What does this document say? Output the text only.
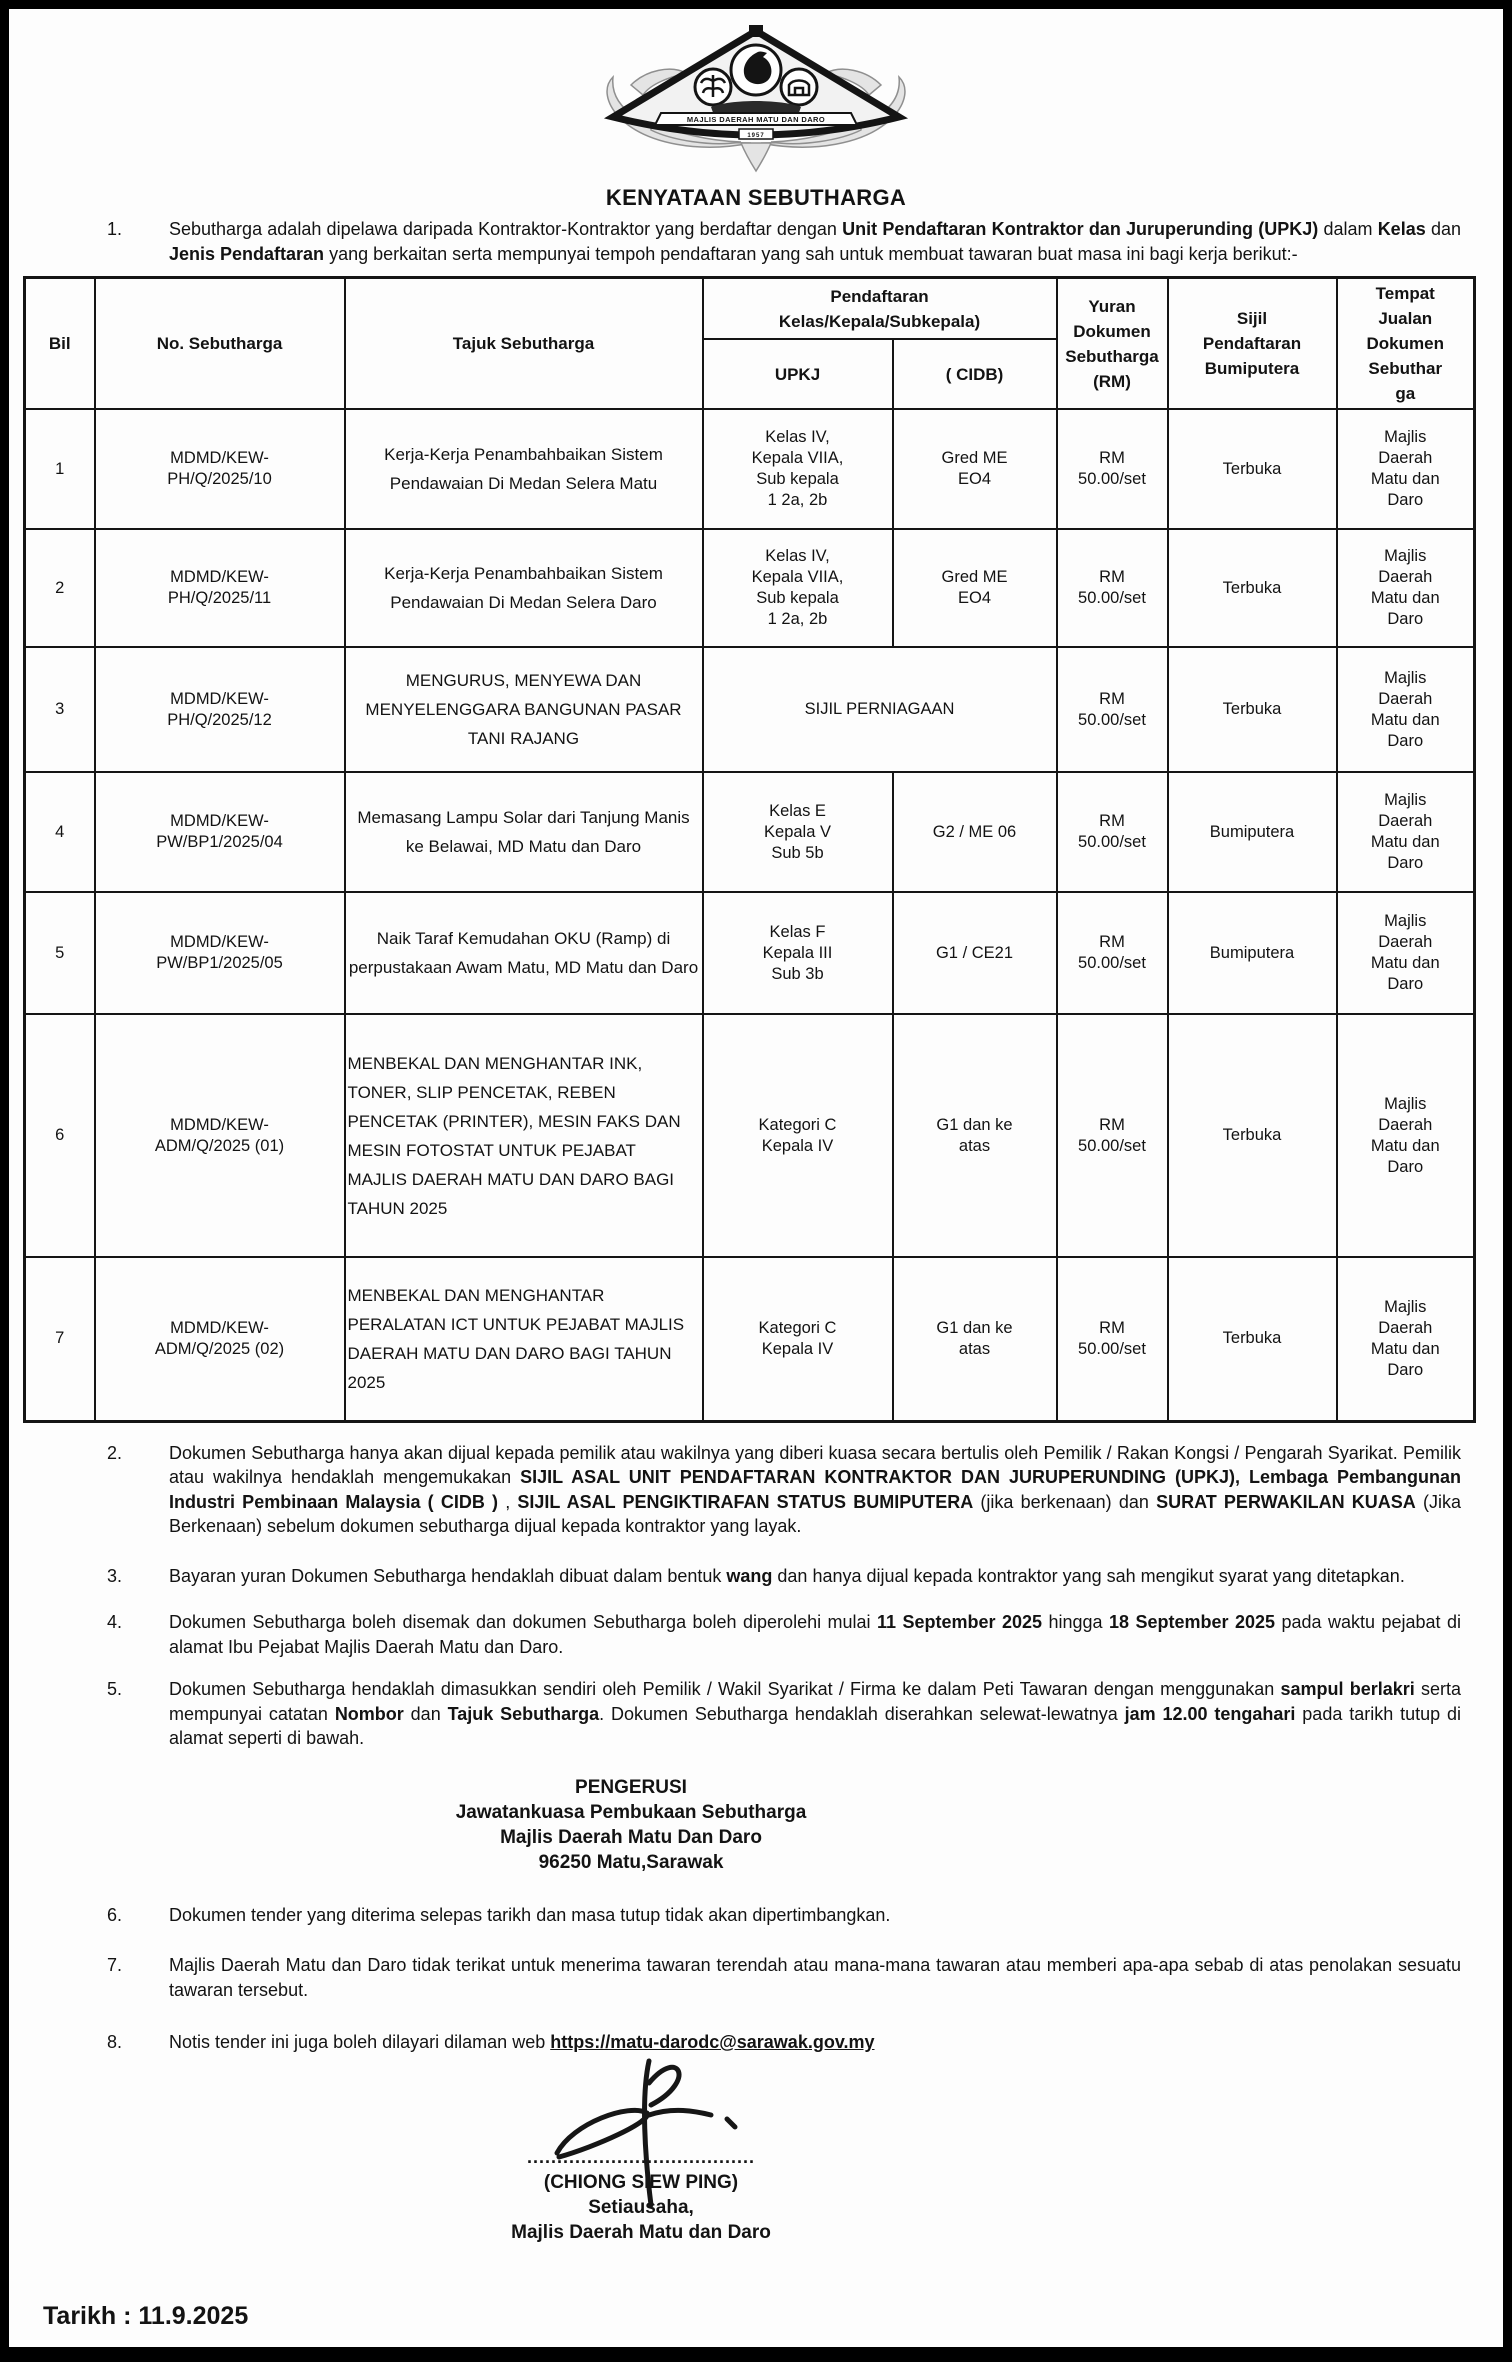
MAJLIS DAERAH MATU DAN DARO
1957
KENYATAAN SEBUTHARGA
1.	Sebutharga adalah dipelawa daripada Kontraktor-Kontraktor yang berdaftar dengan Unit Pendaftaran Kontraktor dan Juruperunding (UPKJ) dalam Kelas dan Jenis Pendaftaran yang berkaitan serta mempunyai tempoh pendaftaran yang sah untuk membuat tawaran buat masa ini bagi kerja berikut:-
Bil	No. Sebutharga	Tajuk Sebutharga	Pendaftaran Kelas/Kepala/Subkepala)		Yuran Dokumen Sebutharga (RM)	Sijil Pendaftaran Bumiputera	Tempat Jualan Dokumen Sebutharga

			UPKJ	( CIDB)			
1	MDMD/KEW-PH/Q/2025/10	Kerja-Kerja Penambahbaikan Sistem Pendawaian Di Medan Selera Matu	Kelas IV, Kepala VIIA, Sub kepala 1 2a, 2b	Gred ME EO4	RM 50.00/set	Terbuka	Majlis Daerah Matu dan Daro

2	MDMD/KEW-PH/Q/2025/11	Kerja-Kerja Penambahbaikan Sistem Pendawaian Di Medan Selera Daro	Kelas IV, Kepala VIIA, Sub kepala 1 2a, 2b	Gred ME EO4	RM 50.00/set	Terbuka	Majlis Daerah Matu dan Daro

3	MDMD/KEW-PH/Q/2025/12	MENGURUS, MENYEWA DAN MENYELENGGARA BANGUNAN PASAR TANI RAJANG	SIJIL PERNIAGAAN		RM 50.00/set	Terbuka	Majlis Daerah Matu dan Daro

4	MDMD/KEW-PW/BP1/2025/04	Memasang Lampu Solar dari Tanjung Manis ke Belawai, MD Matu dan Daro	Kelas E Kepala V Sub 5b	G2 / ME 06	RM 50.00/set	Bumiputera	Majlis Daerah Matu dan Daro

5	MDMD/KEW-PW/BP1/2025/05	Naik Taraf Kemudahan OKU (Ramp) di perpustakaan Awam Matu, MD Matu dan Daro	Kelas F Kepala III Sub 3b	G1 / CE21	RM 50.00/set	Bumiputera	Majlis Daerah Matu dan Daro

6	MDMD/KEW-ADM/Q/2025 (01)	MENBEKAL DAN MENGHANTAR INK, TONER, SLIP PENCETAK, REBEN PENCETAK (PRINTER), MESIN FAKS DAN MESIN FOTOSTAT UNTUK PEJABAT MAJLIS DAERAH MATU DAN DARO BAGI TAHUN 2025	Kategori C Kepala IV	G1 dan ke atas	RM 50.00/set	Terbuka	Majlis Daerah Matu dan Daro

7	MDMD/KEW-ADM/Q/2025 (02)	MENBEKAL DAN MENGHANTAR PERALATAN ICT UNTUK PEJABAT MAJLIS DAERAH MATU DAN DARO BAGI TAHUN 2025	Kategori C Kepala IV	G1 dan ke atas	RM 50.00/set	Terbuka	Majlis Daerah Matu dan Daro
2.	Dokumen Sebutharga hanya akan dijual kepada pemilik atau wakilnya yang diberi kuasa secara bertulis oleh Pemilik / Rakan Kongsi / Pengarah Syarikat. Pemilik atau wakilnya hendaklah mengemukakan SIJIL ASAL UNIT PENDAFTARAN KONTRAKTOR DAN JURUPERUNDING (UPKJ), Lembaga Pembangunan Industri Pembinaan Malaysia ( CIDB ) , SIJIL ASAL PENGIKTIRAFAN STATUS BUMIPUTERA (jika berkenaan) dan SURAT PERWAKILAN KUASA (Jika Berkenaan) sebelum dokumen sebutharga dijual kepada kontraktor yang layak.
3.	Bayaran yuran Dokumen Sebutharga hendaklah dibuat dalam bentuk wang dan hanya dijual kepada kontraktor yang sah mengikut syarat yang ditetapkan.
4.	Dokumen Sebutharga boleh disemak dan dokumen Sebutharga boleh diperolehi mulai 11 September 2025 hingga 18 September 2025 pada waktu pejabat di alamat Ibu Pejabat Majlis Daerah Matu dan Daro.
5.	Dokumen Sebutharga hendaklah dimasukkan sendiri oleh Pemilik / Wakil Syarikat / Firma ke dalam Peti Tawaran dengan menggunakan sampul berlakri serta mempunyai catatan Nombor dan Tajuk Sebutharga. Dokumen Sebutharga hendaklah diserahkan selewat-lewatnya jam 12.00 tengahari pada tarikh tutup di alamat seperti di bawah.
PENGERUSI
Jawatankuasa Pembukaan Sebutharga
Majlis Daerah Matu Dan Daro
96250 Matu,Sarawak
6.	Dokumen tender yang diterima selepas tarikh dan masa tutup tidak akan dipertimbangkan.
7.	Majlis Daerah Matu dan Daro tidak terikat untuk menerima tawaran terendah atau mana-mana tawaran atau memberi apa-apa sebab di atas penolakan sesuatu tawaran tersebut.
8.	Notis tender ini juga boleh dilayari dilaman web https://matu-darodc@sarawak.gov.my
......................................
(CHIONG SIEW PING)
Setiausaha,
Majlis Daerah Matu dan Daro
Tarikh : 11.9.2025
